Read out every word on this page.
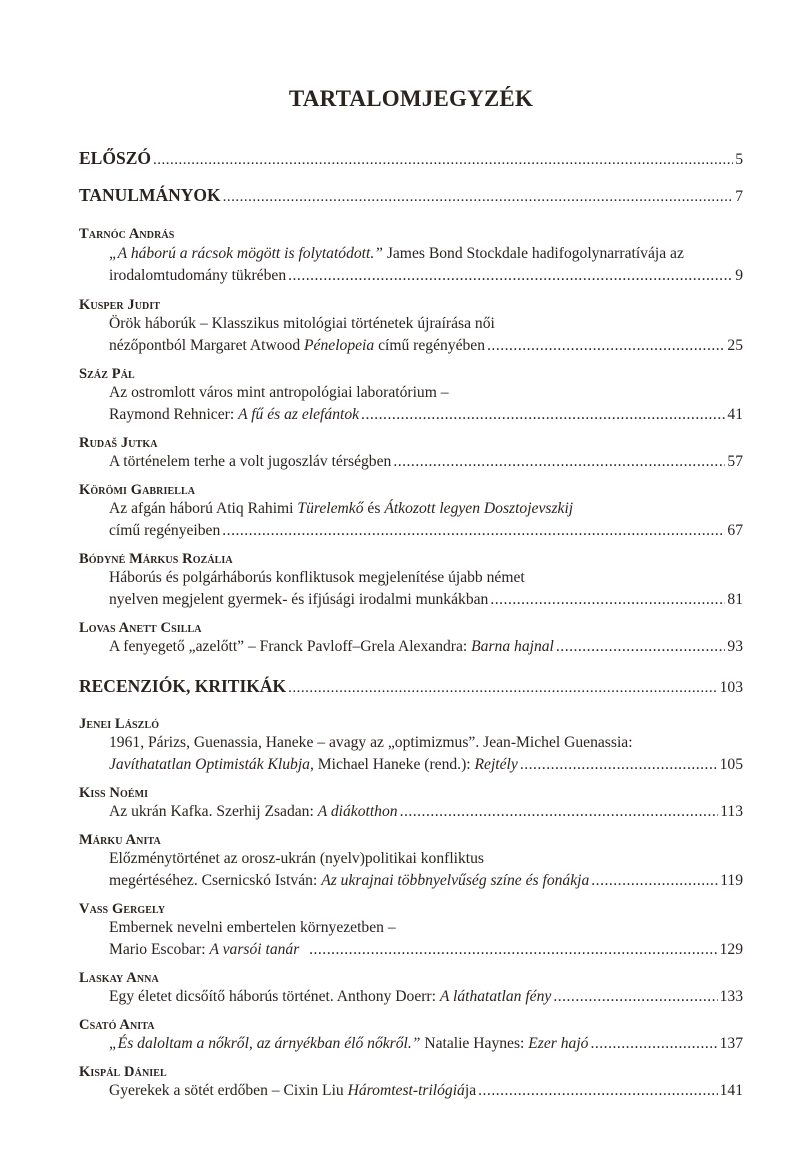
TARTALOMJEGYZÉK
ELŐSZÓ .....	5
TANULMÁNYOK .....	7
Tarnóc András
„A háború a rácsok mögött is folytatódott.” James Bond Stockdale hadifogolynarratívája az
irodalomtudomány tükrében .....	9
Kusper Judit
Örök háborúk – Klasszikus mitológiai történetek újraírása női
nézőpontból Margaret Atwood Pénelopeia című regényében .....	25
Száz Pál
Az ostromlott város mint antropológiai laboratórium –
Raymond Rehnicer: A fű és az elefántok .....	41
Rudaš Jutka
A történelem terhe a volt jugoszláv térségben .....	57
Körömi Gabriella
Az afgán háború Atiq Rahimi Türelemkő és Átkozott legyen Dosztojevszkij
című regényeiben .....	67
Bódyné Márkus Rozália
Háborús és polgárháborús konfliktusok megjelenítése újabb német
nyelven megjelent gyermek- és ifjúsági irodalmi munkákban .....	81
Lovas Anett Csilla
A fenyegető „azelőtt” – Franck Pavloff–Grela Alexandra: Barna hajnal .....	93
RECENZIÓK, KRITIKÁK .....	103
Jenei László
1961, Párizs, Guenassia, Haneke – avagy az „optimizmus”. Jean-Michel Guenassia:
Javíthatatlan Optimisták Klubja, Michael Haneke (rend.): Rejtély .....	105
Kiss Noémi
Az ukrán Kafka. Szerhij Zsadan: A diákotthon .....	113
Márku Anita
Előzménytörténet az orosz-ukrán (nyelv)politikai konfliktus
megértéséhez. Csernicskó István: Az ukrajnai többnyelvűség színe és fonákja .....	119
Vass Gergely
Embernek nevelni embertelen környezetben –
Mario Escobar: A varsói tanár .....	129
Laskay Anna
Egy életet dicsőítő háborús történet. Anthony Doerr: A láthatatlan fény .....	133
Csató Anita
„És daloltam a nőkről, az árnyékban élő nőkről.” Natalie Haynes: Ezer hajó .....	137
Kispál Dániel
Gyerekek a sötét erdőben – Cixin Liu Háromtest-trilógiája .....	141
